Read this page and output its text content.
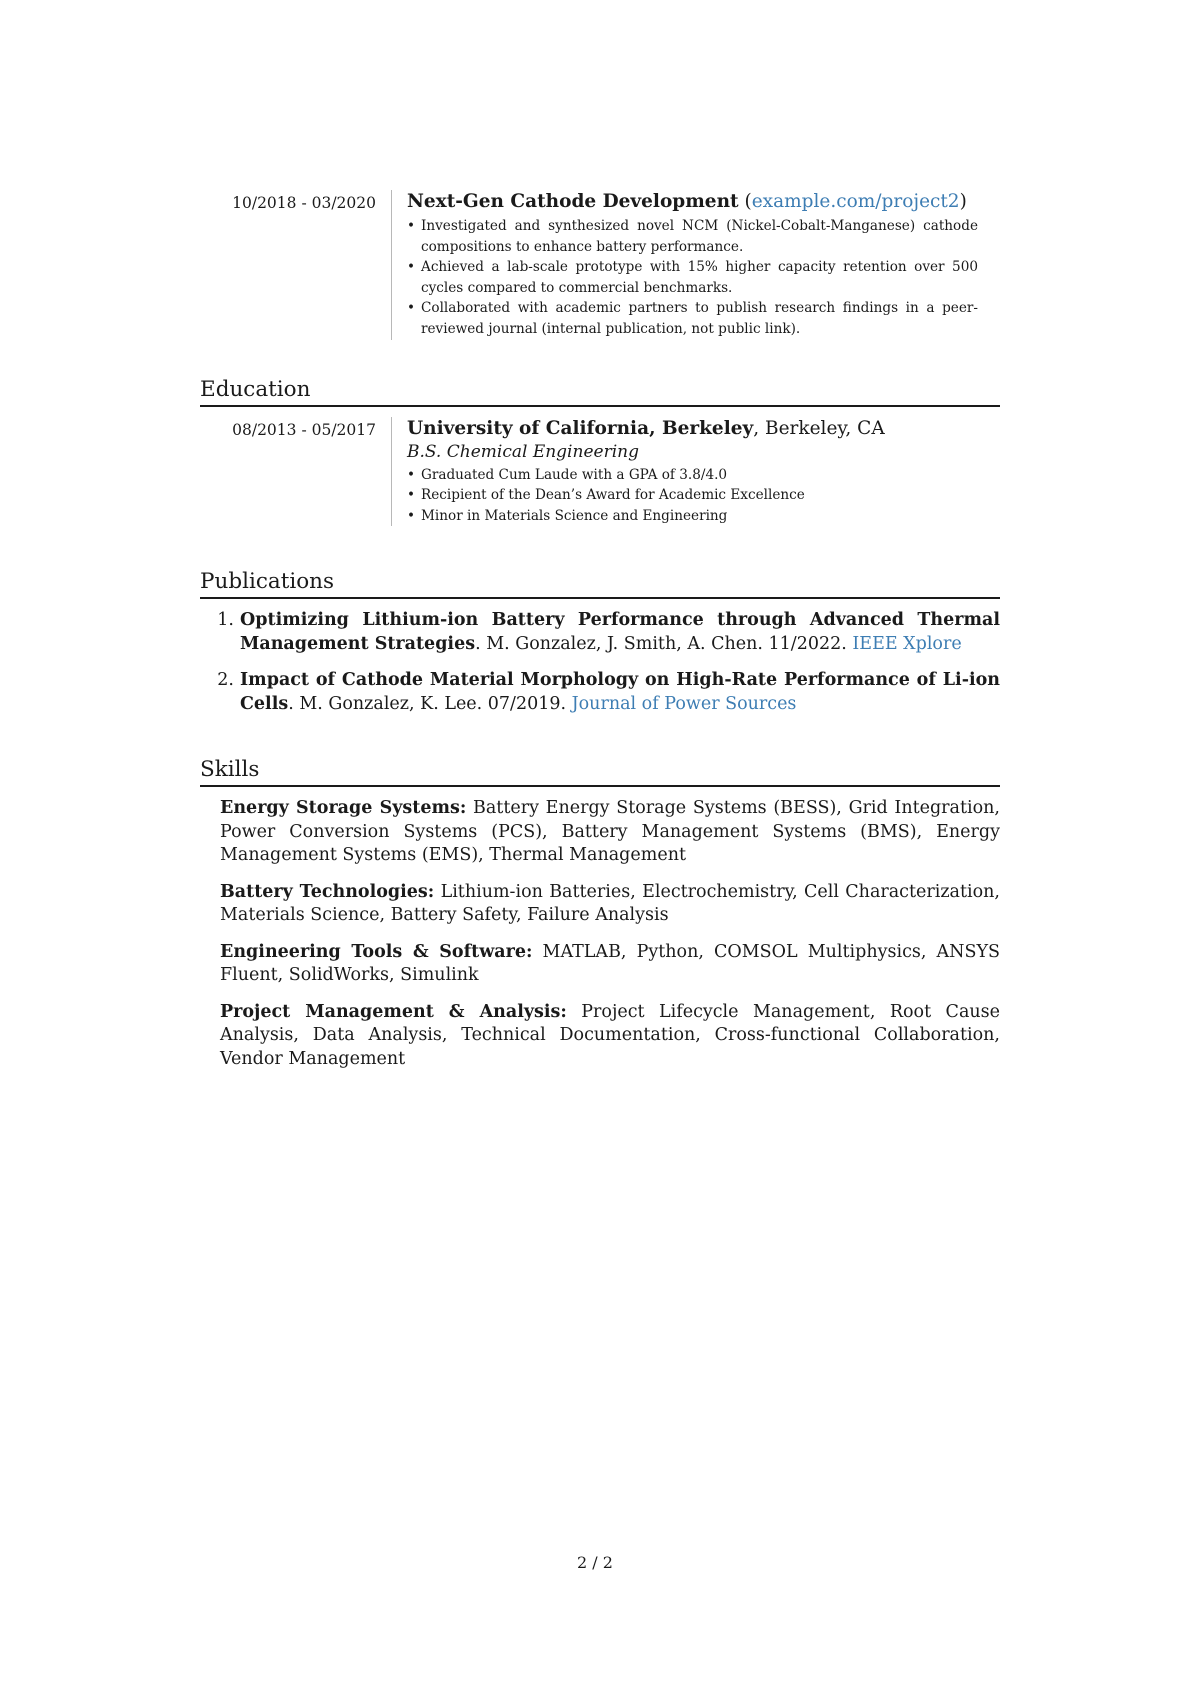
10/2018 - 03/2020	Next-Gen Cathode Development (example.com/project2)
• Investigated and synthesized novel NCM (Nickel-Cobalt-Manganese) cathode compositions to enhance battery performance.
• Achieved a lab-scale prototype with 15% higher capacity retention over 500 cycles compared to commercial benchmarks.
• Collaborated with academic partners to publish research findings in a peer-reviewed journal (internal publication, not public link).
Education
08/2013 - 05/2017	University of California, Berkeley, Berkeley, CA
B.S. Chemical Engineering
• Graduated Cum Laude with a GPA of 3.8/4.0
• Recipient of the Dean’s Award for Academic Excellence
• Minor in Materials Science and Engineering
Publications
1. Optimizing Lithium-ion Battery Performance through Advanced Thermal Management Strategies. M. Gonzalez, J. Smith, A. Chen. 11/2022. IEEE Xplore
2. Impact of Cathode Material Morphology on High-Rate Performance of Li-ion Cells. M. Gonzalez, K. Lee. 07/2019. Journal of Power Sources
Skills
Energy Storage Systems: Battery Energy Storage Systems (BESS), Grid Integration, Power Conversion Systems (PCS), Battery Management Systems (BMS), Energy Management Systems (EMS), Thermal Management
Battery Technologies: Lithium-ion Batteries, Electrochemistry, Cell Characterization, Materials Science, Battery Safety, Failure Analysis
Engineering Tools & Software: MATLAB, Python, COMSOL Multiphysics, ANSYS Fluent, SolidWorks, Simulink
Project Management & Analysis: Project Lifecycle Management, Root Cause Analysis, Data Analysis, Technical Documentation, Cross-functional Collaboration, Vendor Management
2 / 2
